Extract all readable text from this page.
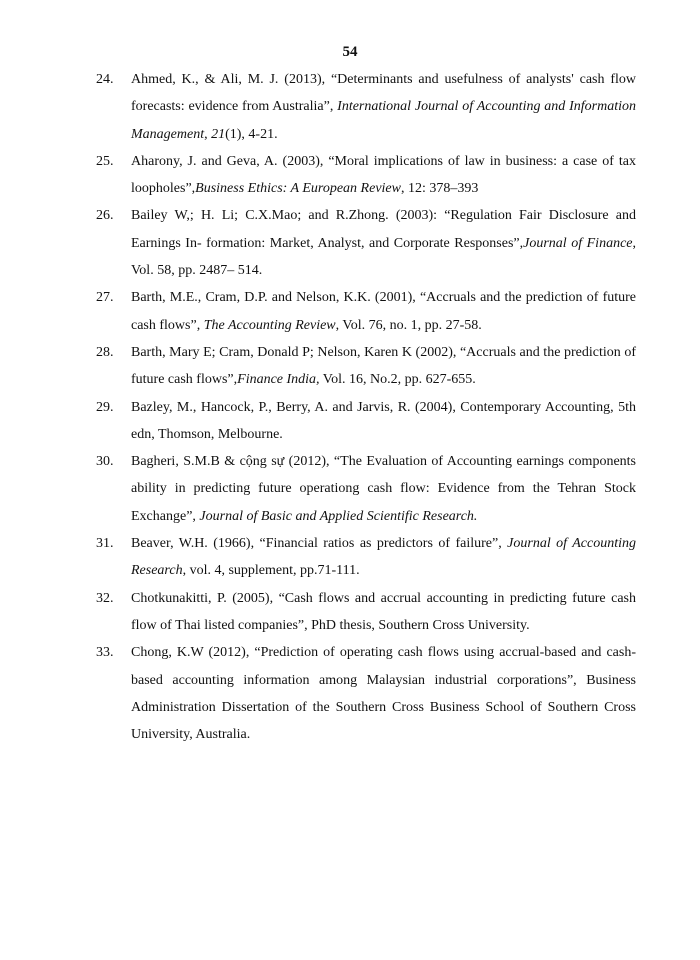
54
24. Ahmed, K., & Ali, M. J. (2013), “Determinants and usefulness of analysts' cash flow forecasts: evidence from Australia”, International Journal of Accounting and Information Management, 21(1), 4-21.
25. Aharony, J. and Geva, A. (2003), “Moral implications of law in business: a case of tax loopholes”,Business Ethics: A European Review, 12: 378–393
26. Bailey W,; H. Li; C.X.Mao; and R.Zhong. (2003): “Regulation Fair Disclosure and Earnings In- formation: Market, Analyst, and Corporate Responses”,Journal of Finance, Vol. 58, pp. 2487– 514.
27. Barth, M.E., Cram, D.P. and Nelson, K.K. (2001), “Accruals and the prediction of future cash flows”, The Accounting Review, Vol. 76, no. 1, pp. 27-58.
28. Barth, Mary E; Cram, Donald P; Nelson, Karen K (2002), “Accruals and the prediction of future cash flows”,Finance India, Vol. 16, No.2, pp. 627-655.
29. Bazley, M., Hancock, P., Berry, A. and Jarvis, R. (2004), Contemporary Accounting, 5th edn, Thomson, Melbourne.
30. Bagheri, S.M.B & cộng sự (2012), “The Evaluation of Accounting earnings components ability in predicting future operationg cash flow: Evidence from the Tehran Stock Exchange”, Journal of Basic and Applied Scientific Research.
31. Beaver, W.H. (1966), “Financial ratios as predictors of failure”, Journal of Accounting Research, vol. 4, supplement, pp.71-111.
32. Chotkunakitti, P. (2005), “Cash flows and accrual accounting in predicting future cash flow of Thai listed companies”, PhD thesis, Southern Cross University.
33. Chong, K.W (2012), “Prediction of operating cash flows using accrual-based and cash-based accounting information among Malaysian industrial corporations”, Business Administration Dissertation of the Southern Cross Business School of Southern Cross University, Australia.
